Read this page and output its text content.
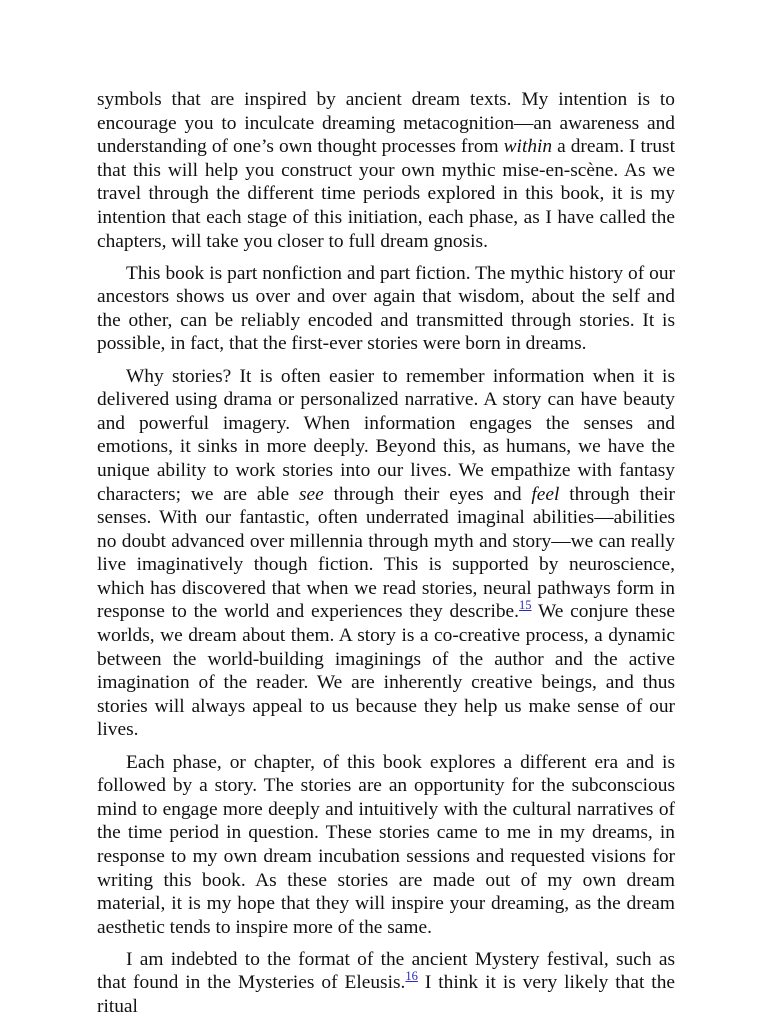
symbols that are inspired by ancient dream texts. My intention is to encourage you to inculcate dreaming metacognition—an awareness and understanding of one’s own thought processes from within a dream. I trust that this will help you construct your own mythic mise-en-scène. As we travel through the different time periods explored in this book, it is my intention that each stage of this initiation, each phase, as I have called the chapters, will take you closer to full dream gnosis.

This book is part nonfiction and part fiction. The mythic history of our ancestors shows us over and over again that wisdom, about the self and the other, can be reliably encoded and transmitted through stories. It is possible, in fact, that the first-ever stories were born in dreams.

Why stories? It is often easier to remember information when it is delivered using drama or personalized narrative. A story can have beauty and powerful imagery. When information engages the senses and emotions, it sinks in more deeply. Beyond this, as humans, we have the unique ability to work stories into our lives. We empathize with fantasy characters; we are able see through their eyes and feel through their senses. With our fantastic, often underrated imaginal abilities—abilities no doubt advanced over millennia through myth and story—we can really live imaginatively though fiction. This is supported by neuroscience, which has discovered that when we read stories, neural pathways form in response to the world and experiences they describe.$^{15}$ We conjure these worlds, we dream about them. A story is a co-creative process, a dynamic between the world-building imaginings of the author and the active imagination of the reader. We are inherently creative beings, and thus stories will always appeal to us because they help us make sense of our lives.

Each phase, or chapter, of this book explores a different era and is followed by a story. The stories are an opportunity for the subconscious mind to engage more deeply and intuitively with the cultural narratives of the time period in question. These stories came to me in my dreams, in response to my own dream incubation sessions and requested visions for writing this book. As these stories are made out of my own dream material, it is my hope that they will inspire your dreaming, as the dream aesthetic tends to inspire more of the same.

I am indebted to the format of the ancient Mystery festival, such as that found in the Mysteries of Eleusis.$^{16}$ I think it is very likely that the ritual
